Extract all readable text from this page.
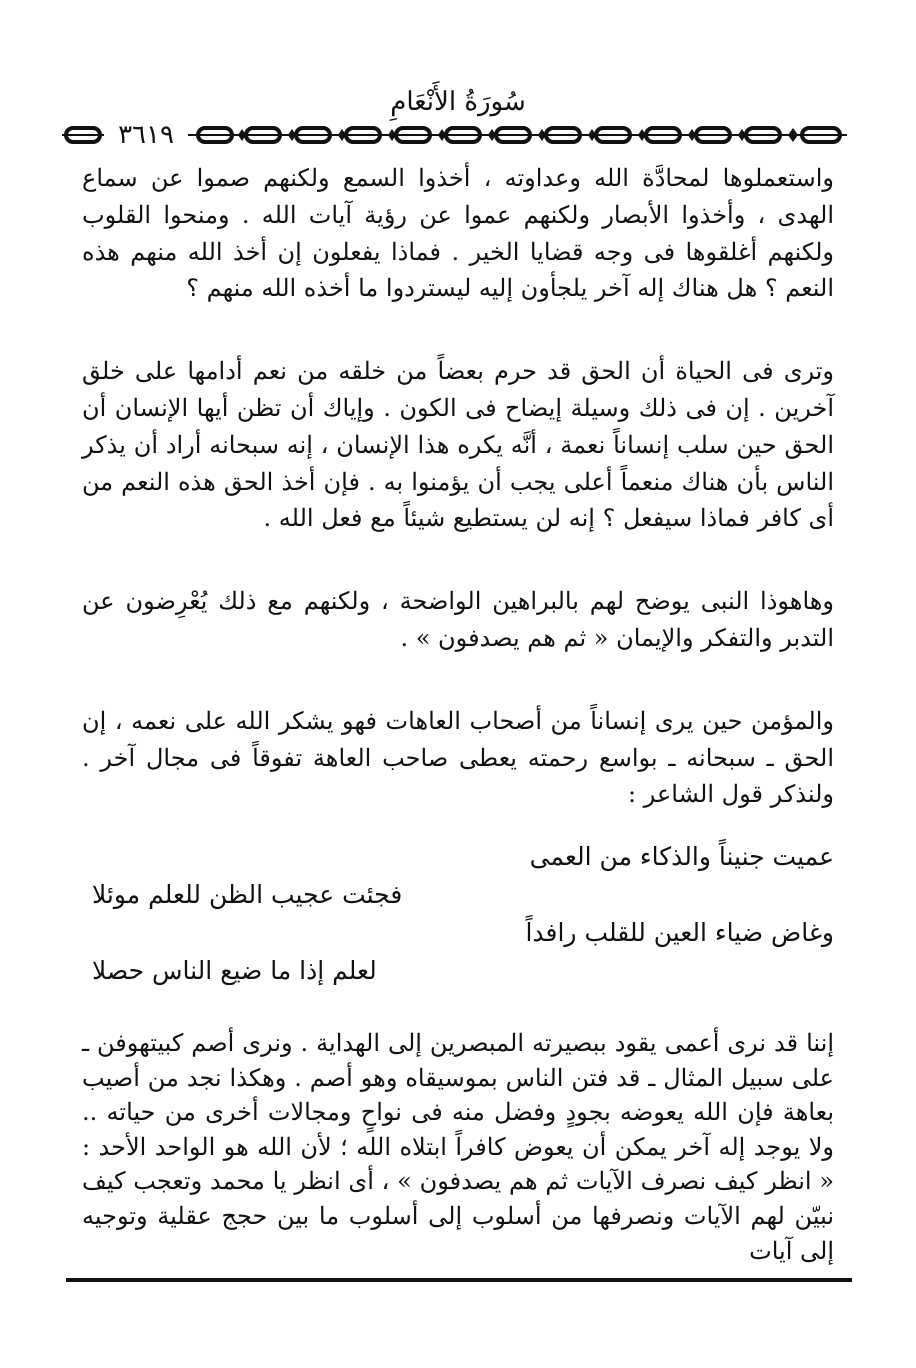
سُورَةُ الأَنْعَامِ
٣٦١٩

واستعملوها لمحادَّة الله وعداوته ، أخذوا السمع ولكنهم صموا عن سماع الهدى ، وأخذوا الأبصار ولكنهم عموا عن رؤية آيات الله . ومنحوا القلوب ولكنهم أغلقوها فى وجه قضايا الخير . فماذا يفعلون إن أخذ الله منهم هذه النعم ؟ هل هناك إله آخر يلجأون إليه ليستردوا ما أخذه الله منهم ؟

وترى فى الحياة أن الحق قد حرم بعضاً من خلقه من نعم أدامها على خلق آخرين . إن فى ذلك وسيلة إيضاح فى الكون . وإياك أن تظن أيها الإنسان أن الحق حين سلب إنساناً نعمة ، أنَّه يكره هذا الإنسان ، إنه سبحانه أراد أن يذكر الناس بأن هناك منعماً أعلى يجب أن يؤمنوا به . فإن أخذ الحق هذه النعم من أى كافر فماذا سيفعل ؟ إنه لن يستطيع شيئاً مع فعل الله .

وهاهوذا النبى يوضح لهم بالبراهين الواضحة ، ولكنهم مع ذلك يُعْرِضون عن التدبر والتفكر والإيمان « ثم هم يصدفون » .

والمؤمن حين يرى إنساناً من أصحاب العاهات فهو يشكر الله على نعمه ، إن الحق ـ سبحانه ـ بواسع رحمته يعطى صاحب العاهة تفوقاً فى مجال آخر . ولنذكر قول الشاعر :

عميت جنيناً والذكاء من العمى

فجئت عجيب الظن للعلم موئلا

وغاض ضياء العين للقلب رافداً

لعلم إذا ما ضيع الناس حصلا

إننا قد نرى أعمى يقود ببصيرته المبصرين إلى الهداية . ونرى أصم كبيتهوفن ـ على سبيل المثال ـ قد فتن الناس بموسيقاه وهو أصم . وهكذا نجد من أصيب بعاهة فإن الله يعوضه بجودٍ وفضل منه فى نواحٍ ومجالات أخرى من حياته .. ولا يوجد إله آخر يمكن أن يعوض كافراً ابتلاه الله ؛ لأن الله هو الواحد الأحد : « انظر كيف نصرف الآيات ثم هم يصدفون » ، أى انظر يا محمد وتعجب كيف نبيّن لهم الآيات ونصرفها من أسلوب إلى أسلوب ما بين حجج عقلية وتوجيه إلى آيات
